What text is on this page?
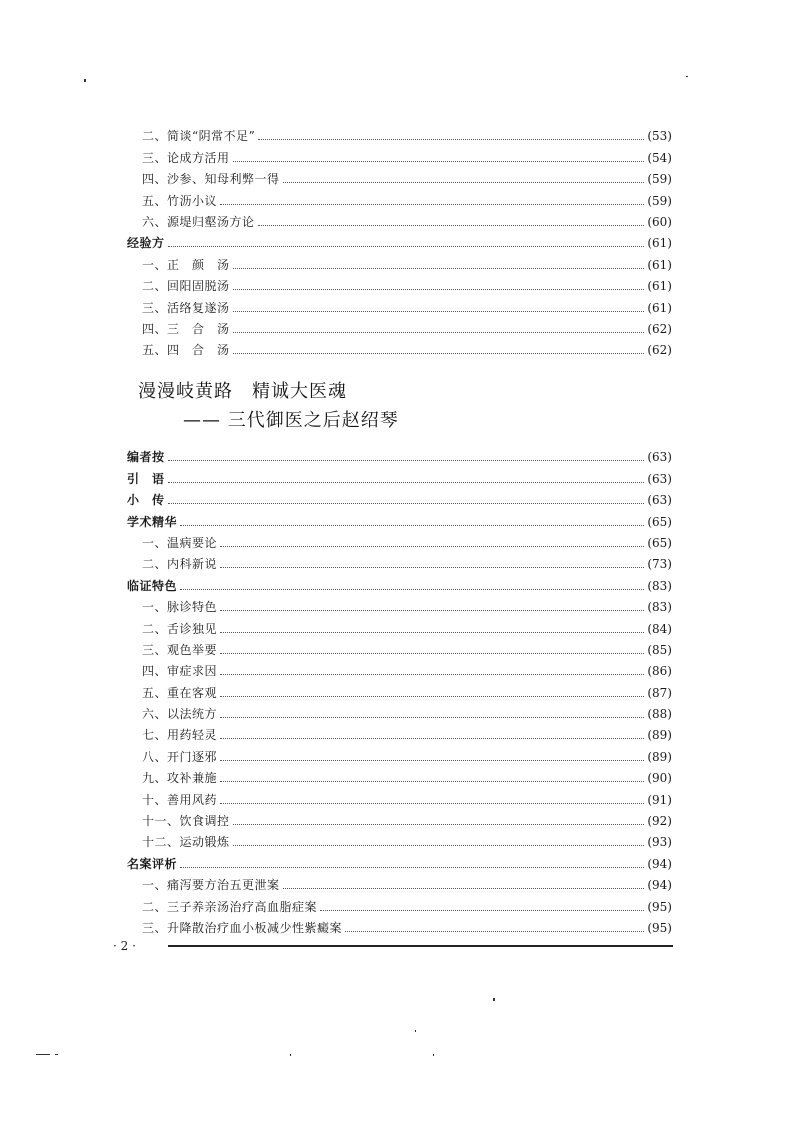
二、简谈“阴常不足”	(53)
三、论成方活用	(54)
四、沙参、知母利弊一得	(59)
五、竹沥小议	(59)
六、源堤归壑汤方论	(60)
经验方	(61)
一、正　颜　汤	(61)
二、回阳固脱汤	(61)
三、活络复遂汤	(61)
四、三　合　汤	(62)
五、四　合　汤	(62)
漫漫岐黄路　精诚大医魂
—— 三代御医之后赵绍琴
编者按	(63)
引　语	(63)
小　传	(63)
学术精华	(65)
一、温病要论	(65)
二、内科新说	(73)
临证特色	(83)
一、脉诊特色	(83)
二、舌诊独见	(84)
三、观色举要	(85)
四、审症求因	(86)
五、重在客观	(87)
六、以法统方	(88)
七、用药轻灵	(89)
八、开门逐邪	(89)
九、攻补兼施	(90)
十、善用风药	(91)
十一、饮食调控	(92)
十二、运动锻炼	(93)
名案评析	(94)
一、痛泻要方治五更泄案	(94)
二、三子养亲汤治疗高血脂症案	(95)
三、升降散治疗血小板减少性紫癜案	(95)
· 2 ·
